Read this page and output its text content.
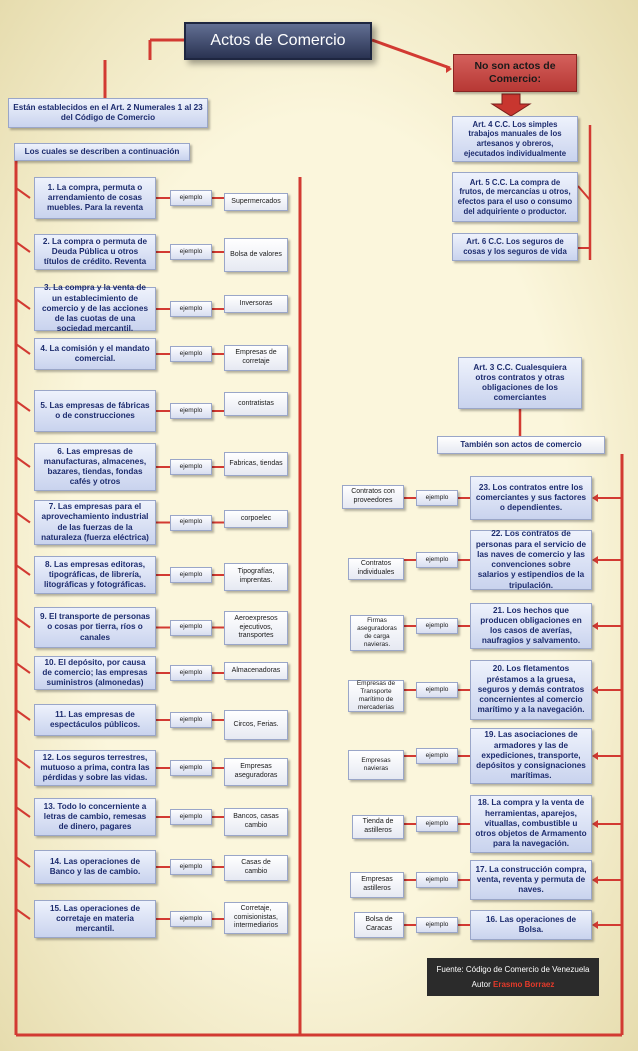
Actos de Comercio
Están establecidos en el Art. 2 Numerales 1 al 23 del Código de Comercio
Los cuales se describen a continuación
1. La compra, permuta o arrendamiento de cosas muebles. Para la reventa
ejemplo
Supermercados
2. La compra o permuta de Deuda Pública u otros títulos de crédito. Reventa
ejemplo	Bolsa de valores
3. La compra y la venta de un establecimiento de comercio y de las acciones de las cuotas de una sociedad mercantil.
ejemplo
Inversoras
4. La comisión y el mandato comercial.
ejemplo	Empresas de corretaje
5. Las empresas de fábricas o de construcciones
ejemplo
contratistas
6. Las empresas de manufacturas, almacenes, bazares, tiendas, fondas cafés y otros
ejemplo	Fabricas, tiendas
7. Las empresas para el aprovechamiento industrial de las fuerzas de la naturaleza (fuerza eléctrica)
ejemplo
corpoelec
8. Las empresas editoras, tipográficas, de librería, litográficas y fotográficas.
ejemplo	Tipografías, imprentas.
9. El transporte de personas o cosas por tierra, ríos o canales
ejemplo
Aeroexpresos ejecutivos, transportes
10. El depósito, por causa de comercio; las empresas suministros (almonedas)
ejemplo	Almacenadoras
11. Las empresas de espectáculos públicos.
ejemplo
Circos, Ferias.
12. Los seguros terrestres, mutuoso a prima, contra las pérdidas y sobre las vidas.
ejemplo	Empresas aseguradoras
13. Todo lo concerniente a letras de cambio, remesas de dinero, pagares
ejemplo	Bancos, casas cambio
14. Las operaciones de Banco y las de cambio.
ejemplo
Casas de cambio
15. Las operaciones de corretaje en materia mercantil.
ejemplo
Corretaje, comisionistas, intermediarios
23. Los contratos entre los comerciantes y sus factores o dependientes.
ejemplo
Contratos con proveedores
22. Los contratos de personas para el servicio de las naves de comercio y las convenciones sobre salarios y estipendios de la tripulación.
ejemplo
Contratos individuales
21. Los hechos que producen obligaciones en los casos de averías, naufragios y salvamento.
ejemplo
Firmas aseguradoras de carga navieras.
20. Los fletamentos préstamos a la gruesa, seguros y demás contratos concernientes al comercio marítimo y a la navegación.
ejemplo
Empresas de Transporte marítimo de mercaderías
19. Las asociaciones de armadores y las de expediciones, transporte, depósitos y consignaciones marítimas.
ejemplo
Empresas navieras
18. La compra y la venta de herramientas, aparejos, vituallas, combustible u otros objetos de Armamento para la navegación.
ejemplo
Tienda de astilleros
17. La construcción compra, venta, reventa y permuta de naves.
ejemplo
Empresas astilleros
16. Las operaciones de Bolsa.
ejemplo
Bolsa de Caracas
No son actos de Comercio:
Art. 4 C.C. Los simples trabajos manuales de los artesanos y obreros, ejecutados individualmente
Art. 5 C.C. La compra de frutos, de mercancías u otros, efectos para el uso o consumo del adquiriente o productor.
Art. 6 C.C. Los seguros de cosas y los seguros de vida
Art. 3 C.C. Cualesquiera otros contratos y otras obligaciones de los comerciantes
También son actos de comercio
Fuente: Código de Comercio de Venezuela
Autor Erasmo Borraez
